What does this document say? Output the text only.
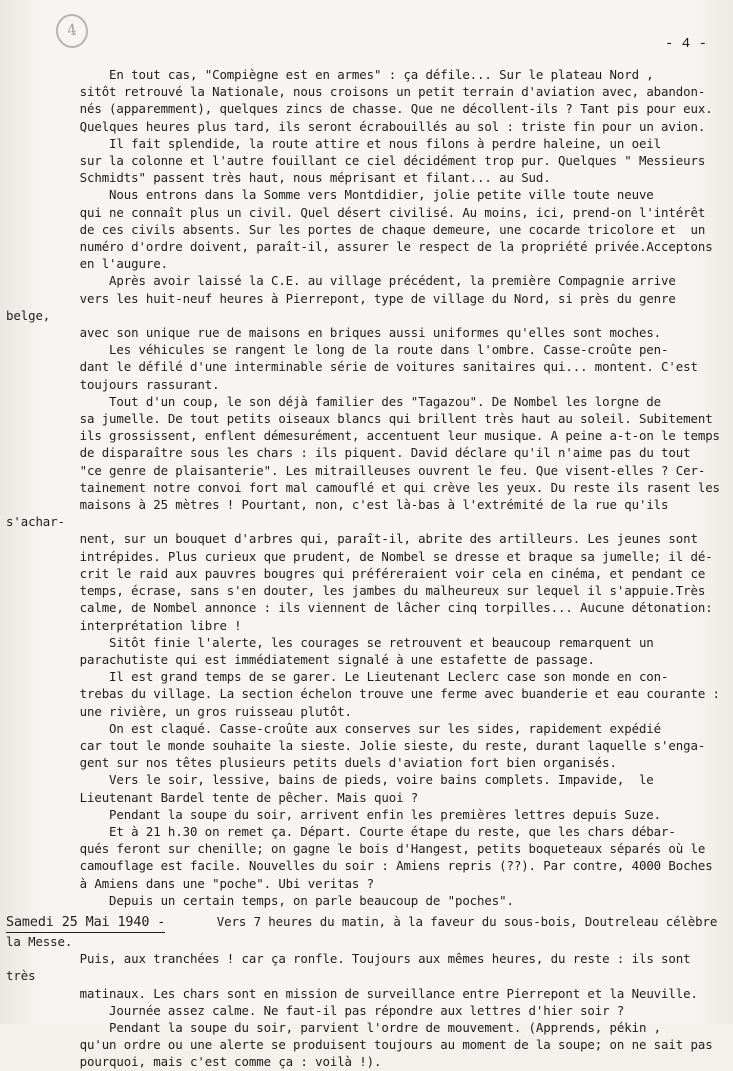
4
- 4 -

En tout cas, "Compiègne est en armes" : ça défile... Sur le plateau Nord ,
sitôt retrouvé la Nationale, nous croisons un petit terrain d'aviation avec, abandon-
nés (apparemment), quelques zincs de chasse. Que ne décollent-ils ? Tant pis pour eux.
Quelques heures plus tard, ils seront écrabouillés au sol : triste fin pour un avion.

Il fait splendide, la route attire et nous filons à perdre haleine, un oeil
sur la colonne et l'autre fouillant ce ciel décidément trop pur. Quelques " Messieurs
Schmidts" passent très haut, nous méprisant et filant... au Sud.

Nous entrons dans la Somme vers Montdidier, jolie petite ville toute neuve
qui ne connaît plus un civil. Quel désert civilisé. Au moins, ici, prend-on l'intérêt
de ces civils absents. Sur les portes de chaque demeure, une cocarde tricolore et  un
numéro d'ordre doivent, paraît-il, assurer le respect de la propriété privée.Acceptons
en l'augure.

Après avoir laissé la C.E. au village précédent, la première Compagnie arrive
vers les huit-neuf heures à Pierrepont, type de village du Nord, si près du genre belge,
avec son unique rue de maisons en briques aussi uniformes qu'elles sont moches.

Les véhicules se rangent le long de la route dans l'ombre. Casse-croûte pen-
dant le défilé d'une interminable série de voitures sanitaires qui... montent. C'est
toujours rassurant.

Tout d'un coup, le son déjà familier des "Tagazou". De Nombel les lorgne de
sa jumelle. De tout petits oiseaux blancs qui brillent très haut au soleil. Subitement
ils grossissent, enflent démesurément, accentuent leur musique. A peine a-t-on le temps
de disparaître sous les chars : ils piquent. David déclare qu'il n'aime pas du tout
"ce genre de plaisanterie". Les mitrailleuses ouvrent le feu. Que visent-elles ? Cer-
tainement notre convoi fort mal camouflé et qui crève les yeux. Du reste ils rasent les
maisons à 25 mètres ! Pourtant, non, c'est là-bas à l'extrémité de la rue qu'ils s'achar-
nent, sur un bouquet d'arbres qui, paraît-il, abrite des artilleurs. Les jeunes sont
intrépides. Plus curieux que prudent, de Nombel se dresse et braque sa jumelle; il dé-
crit le raid aux pauvres bougres qui préféreraient voir cela en cinéma, et pendant ce
temps, écrase, sans s'en douter, les jambes du malheureux sur lequel il s'appuie.Très
calme, de Nombel annonce : ils viennent de lâcher cinq torpilles... Aucune détonation:
interprétation libre !

Sitôt finie l'alerte, les courages se retrouvent et beaucoup remarquent un
parachutiste qui est immédiatement signalé à une estafette de passage.

Il est grand temps de se garer. Le Lieutenant Leclerc case son monde en con-
trebas du village. La section échelon trouve une ferme avec buanderie et eau courante :
une rivière, un gros ruisseau plutôt.

On est claqué. Casse-croûte aux conserves sur les sides, rapidement expédié
car tout le monde souhaite la sieste. Jolie sieste, du reste, durant laquelle s'enga-
gent sur nos têtes plusieurs petits duels d'aviation fort bien organisés.

Vers le soir, lessive, bains de pieds, voire bains complets. Impavide,  le
Lieutenant Bardel tente de pêcher. Mais quoi ?

Pendant la soupe du soir, arrivent enfin les premières lettres depuis Suze.

Et à 21 h.30 on remet ça. Départ. Courte étape du reste, que les chars débar-
qués feront sur chenille; on gagne le bois d'Hangest, petits boqueteaux séparés où le
camouflage est facile. Nouvelles du soir : Amiens repris (??). Par contre, 4000 Boches
à Amiens dans une "poche". Ubi veritas ?

Depuis un certain temps, on parle beaucoup de "poches".

Samedi 25 Mai 1940 -       Vers 7 heures du matin, à la faveur du sous-bois, Doutreleau célèbre la Messe.

Puis, aux tranchées ! car ça ronfle. Toujours aux mêmes heures, du reste : ils sont très
matinaux. Les chars sont en mission de surveillance entre Pierrepont et la Neuville.

Journée assez calme. Ne faut-il pas répondre aux lettres d'hier soir ?

Pendant la soupe du soir, parvient l'ordre de mouvement. (Apprends, pékin ,
qu'un ordre ou une alerte se produisent toujours au moment de la soupe; on ne sait pas
pourquoi, mais c'est comme ça : voilà !).
